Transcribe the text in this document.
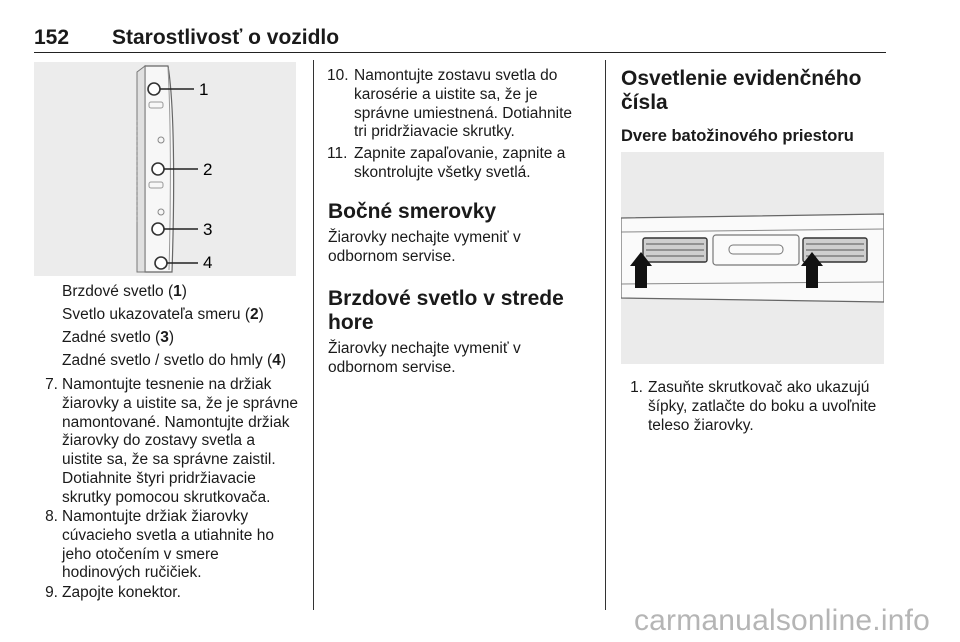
152 Starostlivosť o vozidlo
1
2
3
4
Brzdové svetlo (1)
Svetlo ukazovateľa smeru (2)
Zadné svetlo (3)
Zadné svetlo / svetlo do hmly (4)
7. Namontujte tesnenie na držiak
žiarovky a uistite sa, že je správne
namontované. Namontujte držiak
žiarovky do zostavy svetla a
uistite sa, že sa správne zaistil.
Dotiahnite štyri pridržiavacie
skrutky pomocou skrutkovača.
8. Namontujte držiak žiarovky
cúvacieho svetla a utiahnite ho
jeho otočením v smere
hodinových ručičiek.
9. Zapojte konektor.
10. Namontujte zostavu svetla do
karosérie a uistite sa, že je
správne umiestnená. Dotiahnite
tri pridržiavacie skrutky.
11. Zapnite zapaľovanie, zapnite a
skontrolujte všetky svetlá.
Bočné smerovky
Žiarovky nechajte vymeniť v
odbornom servise.
Brzdové svetlo v strede
hore
Žiarovky nechajte vymeniť v
odbornom servise.
Osvetlenie evidenčného
čísla
Dvere batožinového priestoru
1. Zasuňte skrutkovač ako ukazujú
šípky, zatlačte do boku a uvoľnite
teleso žiarovky.
carmanualsonline.info
